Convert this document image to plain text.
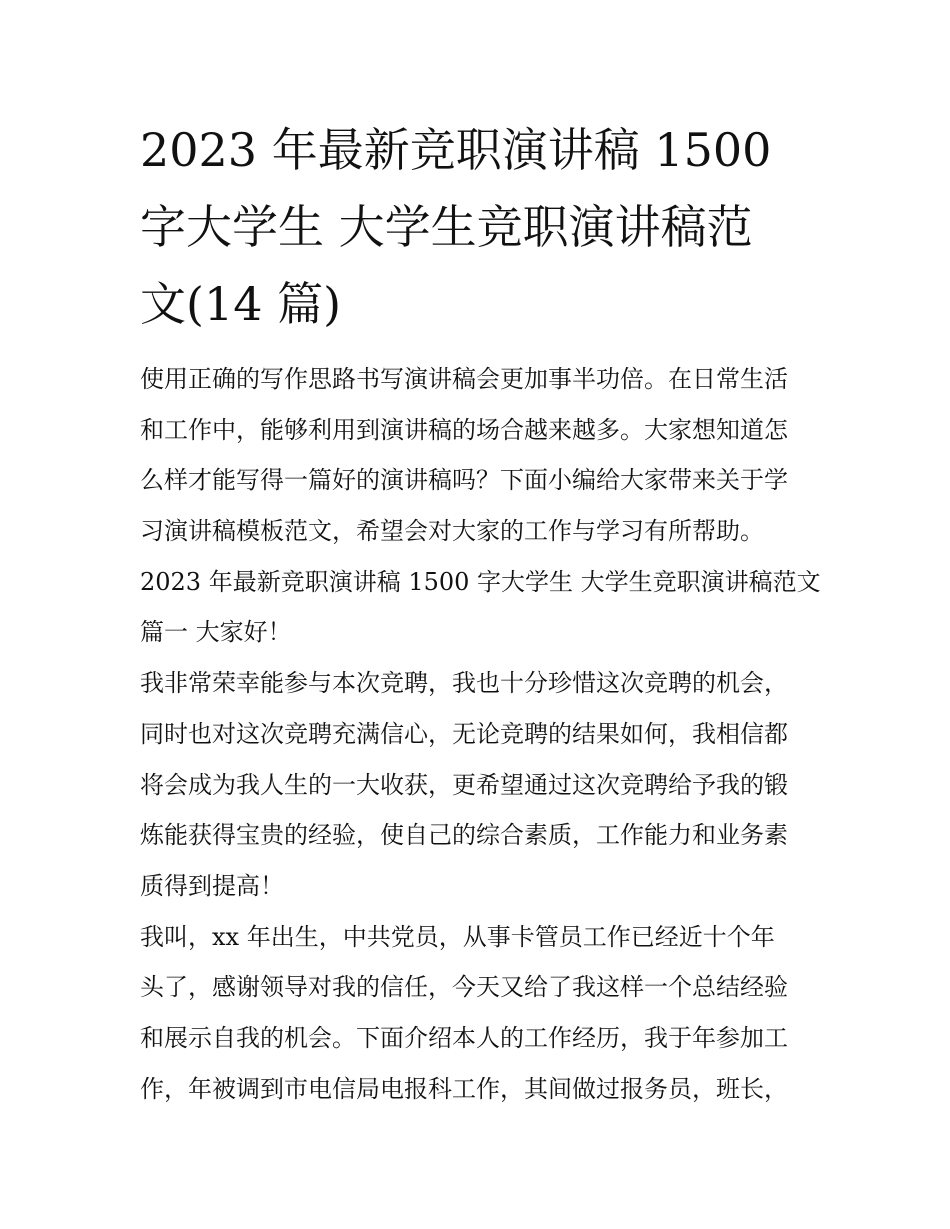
2023 年最新竞职演讲稿 1500
字大学生 大学生竞职演讲稿范
文(14 篇)
使用正确的写作思路书写演讲稿会更加事半功倍。在日常生活
和工作中，能够利用到演讲稿的场合越来越多。大家想知道怎
么样才能写得一篇好的演讲稿吗？下面小编给大家带来关于学
习演讲稿模板范文，希望会对大家的工作与学习有所帮助。
2023 年最新竞职演讲稿 1500 字大学生 大学生竞职演讲稿范文
篇一 大家好！
我非常荣幸能参与本次竞聘，我也十分珍惜这次竞聘的机会，
同时也对这次竞聘充满信心，无论竞聘的结果如何，我相信都
将会成为我人生的一大收获，更希望通过这次竞聘给予我的锻
炼能获得宝贵的经验，使自己的综合素质，工作能力和业务素
质得到提高！
我叫，xx 年出生，中共党员，从事卡管员工作已经近十个年
头了，感谢领导对我的信任，今天又给了我这样一个总结经验
和展示自我的机会。下面介绍本人的工作经历，我于年参加工
作，年被调到市电信局电报科工作，其间做过报务员，班长，
